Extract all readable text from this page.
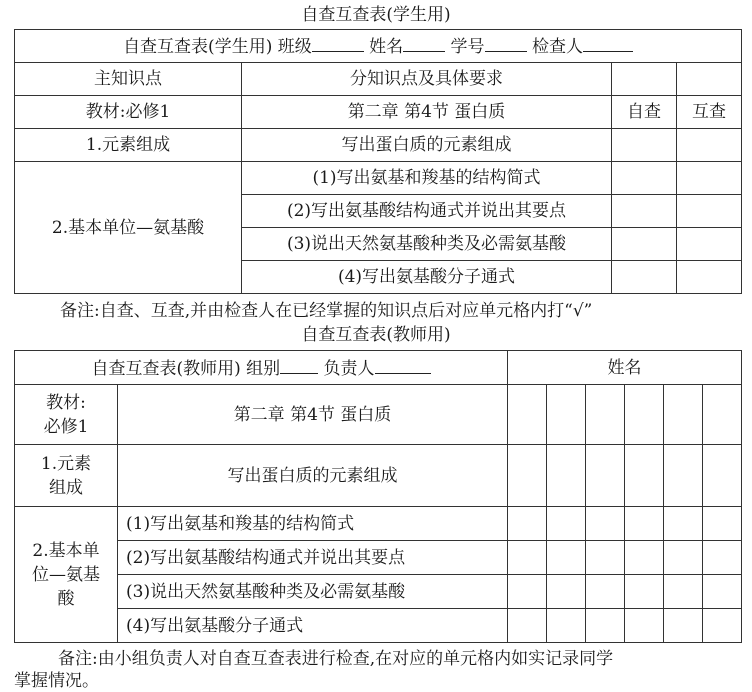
自查互查表(学生用)
自查互查表(学生用) 班级 姓名 学号 检查人			
主知识点	分知识点及具体要求		
教材:必修1	第二章 第4节 蛋白质	自查	互查
1.元素组成	写出蛋白质的元素组成		
2.基本单位—氨基酸	(1)写出氨基和羧基的结构简式		
	(2)写出氨基酸结构通式并说出其要点		
	(3)说出天然氨基酸种类及必需氨基酸		
	(4)写出氨基酸分子通式		
备注:自查、互查,并由检查人在已经掌握的知识点后对应单元格内打“√”
自查互查表(教师用)
自查互查表(教师用) 组别 负责人		姓名					

教材:
必修1	第二章 第4节 蛋白质						

1.元素
组成	写出蛋白质的元素组成						

2.基本单
位—氨基
酸	(1)写出氨基和羧基的结构简式						
	(2)写出氨基酸结构通式并说出其要点						
	(3)说出天然氨基酸种类及必需氨基酸						
	(4)写出氨基酸分子通式						
备注:由小组负责人对自查互查表进行检查,在对应的单元格内如实记录同学
掌握情况。
